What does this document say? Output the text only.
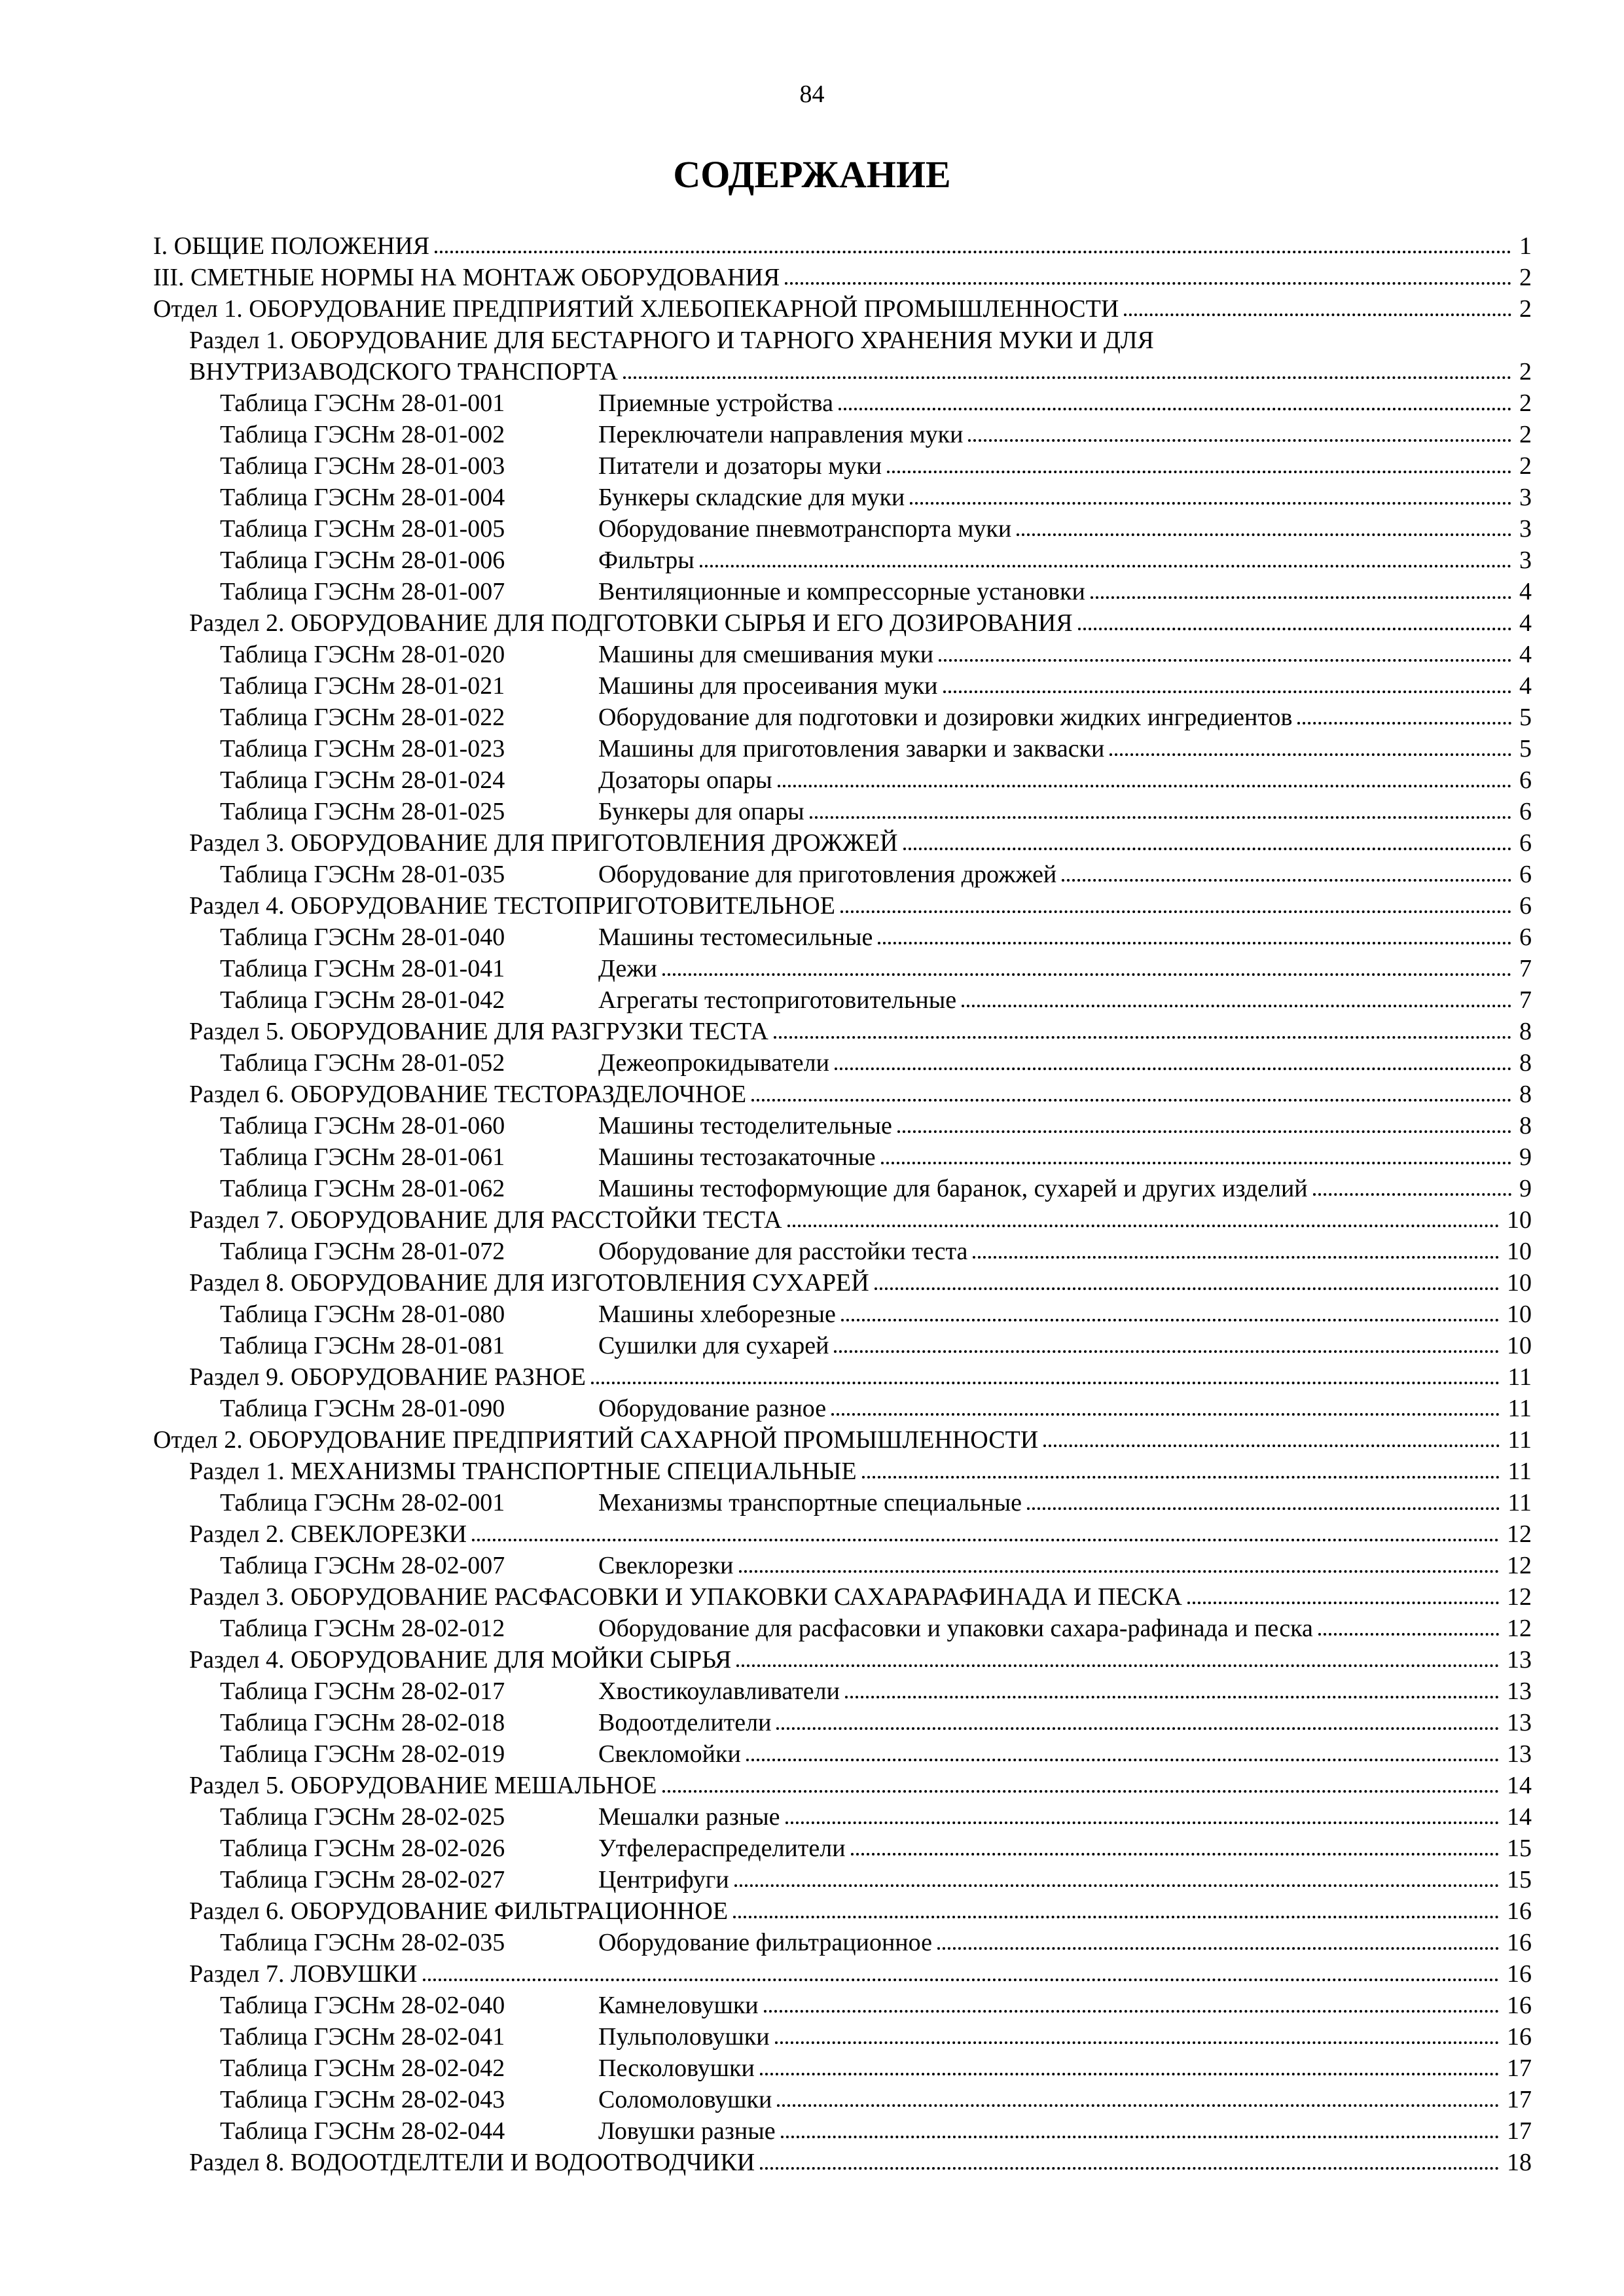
84
СОДЕРЖАНИЕ
I. ОБЩИЕ ПОЛОЖЕНИЯ	1
III. СМЕТНЫЕ НОРМЫ НА МОНТАЖ ОБОРУДОВАНИЯ	2
Отдел 1. ОБОРУДОВАНИЕ ПРЕДПРИЯТИЙ ХЛЕБОПЕКАРНОЙ ПРОМЫШЛЕННОСТИ	2
Раздел 1. ОБОРУДОВАНИЕ ДЛЯ БЕСТАРНОГО И ТАРНОГО ХРАНЕНИЯ МУКИ И ДЛЯ ВНУТРИЗАВОДСКОГО ТРАНСПОРТА	2
Таблица ГЭСНм 28-01-001	Приемные устройства	2
Таблица ГЭСНм 28-01-002	Переключатели направления муки	2
Таблица ГЭСНм 28-01-003	Питатели и дозаторы муки	2
Таблица ГЭСНм 28-01-004	Бункеры складские для муки	3
Таблица ГЭСНм 28-01-005	Оборудование пневмотранспорта муки	3
Таблица ГЭСНм 28-01-006	Фильтры	3
Таблица ГЭСНм 28-01-007	Вентиляционные и компрессорные установки	4
Раздел 2. ОБОРУДОВАНИЕ ДЛЯ ПОДГОТОВКИ СЫРЬЯ И ЕГО ДОЗИРОВАНИЯ	4
Таблица ГЭСНм 28-01-020	Машины для смешивания муки	4
Таблица ГЭСНм 28-01-021	Машины для просеивания муки	4
Таблица ГЭСНм 28-01-022	Оборудование для подготовки и дозировки жидких ингредиентов	5
Таблица ГЭСНм 28-01-023	Машины для приготовления заварки и закваски	5
Таблица ГЭСНм 28-01-024	Дозаторы опары	6
Таблица ГЭСНм 28-01-025	Бункеры для опары	6
Раздел 3. ОБОРУДОВАНИЕ ДЛЯ ПРИГОТОВЛЕНИЯ ДРОЖЖЕЙ	6
Таблица ГЭСНм 28-01-035	Оборудование для приготовления дрожжей	6
Раздел 4. ОБОРУДОВАНИЕ ТЕСТОПРИГОТОВИТЕЛЬНОЕ	6
Таблица ГЭСНм 28-01-040	Машины тестомесильные	6
Таблица ГЭСНм 28-01-041	Дежи	7
Таблица ГЭСНм 28-01-042	Агрегаты тестоприготовительные	7
Раздел 5. ОБОРУДОВАНИЕ ДЛЯ РАЗГРУЗКИ ТЕСТА	8
Таблица ГЭСНм 28-01-052	Дежеопрокидыватели	8
Раздел 6. ОБОРУДОВАНИЕ ТЕСТОРАЗДЕЛОЧНОЕ	8
Таблица ГЭСНм 28-01-060	Машины тестоделительные	8
Таблица ГЭСНм 28-01-061	Машины тестозакаточные	9
Таблица ГЭСНм 28-01-062	Машины тестоформующие для баранок, сухарей и других изделий	9
Раздел 7. ОБОРУДОВАНИЕ ДЛЯ РАССТОЙКИ ТЕСТА	10
Таблица ГЭСНм 28-01-072	Оборудование для расстойки теста	10
Раздел 8. ОБОРУДОВАНИЕ ДЛЯ ИЗГОТОВЛЕНИЯ СУХАРЕЙ	10
Таблица ГЭСНм 28-01-080	Машины хлеборезные	10
Таблица ГЭСНм 28-01-081	Сушилки для сухарей	10
Раздел 9. ОБОРУДОВАНИЕ РАЗНОЕ	11
Таблица ГЭСНм 28-01-090	Оборудование разное	11
Отдел 2. ОБОРУДОВАНИЕ ПРЕДПРИЯТИЙ САХАРНОЙ ПРОМЫШЛЕННОСТИ	11
Раздел 1. МЕХАНИЗМЫ ТРАНСПОРТНЫЕ СПЕЦИАЛЬНЫЕ	11
Таблица ГЭСНм 28-02-001	Механизмы транспортные специальные	11
Раздел 2. СВЕКЛОРЕЗКИ	12
Таблица ГЭСНм 28-02-007	Свеклорезки	12
Раздел 3. ОБОРУДОВАНИЕ РАСФАСОВКИ И УПАКОВКИ САХАРАРАФИНАДА И ПЕСКА	12
Таблица ГЭСНм 28-02-012	Оборудование для расфасовки и упаковки сахара-рафинада и песка	12
Раздел 4. ОБОРУДОВАНИЕ ДЛЯ МОЙКИ СЫРЬЯ	13
Таблица ГЭСНм 28-02-017	Хвостикоулавливатели	13
Таблица ГЭСНм 28-02-018	Водоотделители	13
Таблица ГЭСНм 28-02-019	Свекломойки	13
Раздел 5. ОБОРУДОВАНИЕ МЕШАЛЬНОЕ	14
Таблица ГЭСНм 28-02-025	Мешалки разные	14
Таблица ГЭСНм 28-02-026	Утфелераспределители	15
Таблица ГЭСНм 28-02-027	Центрифуги	15
Раздел 6. ОБОРУДОВАНИЕ ФИЛЬТРАЦИОННОЕ	16
Таблица ГЭСНм 28-02-035	Оборудование фильтрационное	16
Раздел 7. ЛОВУШКИ	16
Таблица ГЭСНм 28-02-040	Камнеловушки	16
Таблица ГЭСНм 28-02-041	Пульполовушки	16
Таблица ГЭСНм 28-02-042	Песколовушки	17
Таблица ГЭСНм 28-02-043	Соломоловушки	17
Таблица ГЭСНм 28-02-044	Ловушки разные	17
Раздел 8. ВОДООТДЕЛТЕЛИ И ВОДООТВОДЧИКИ	18
